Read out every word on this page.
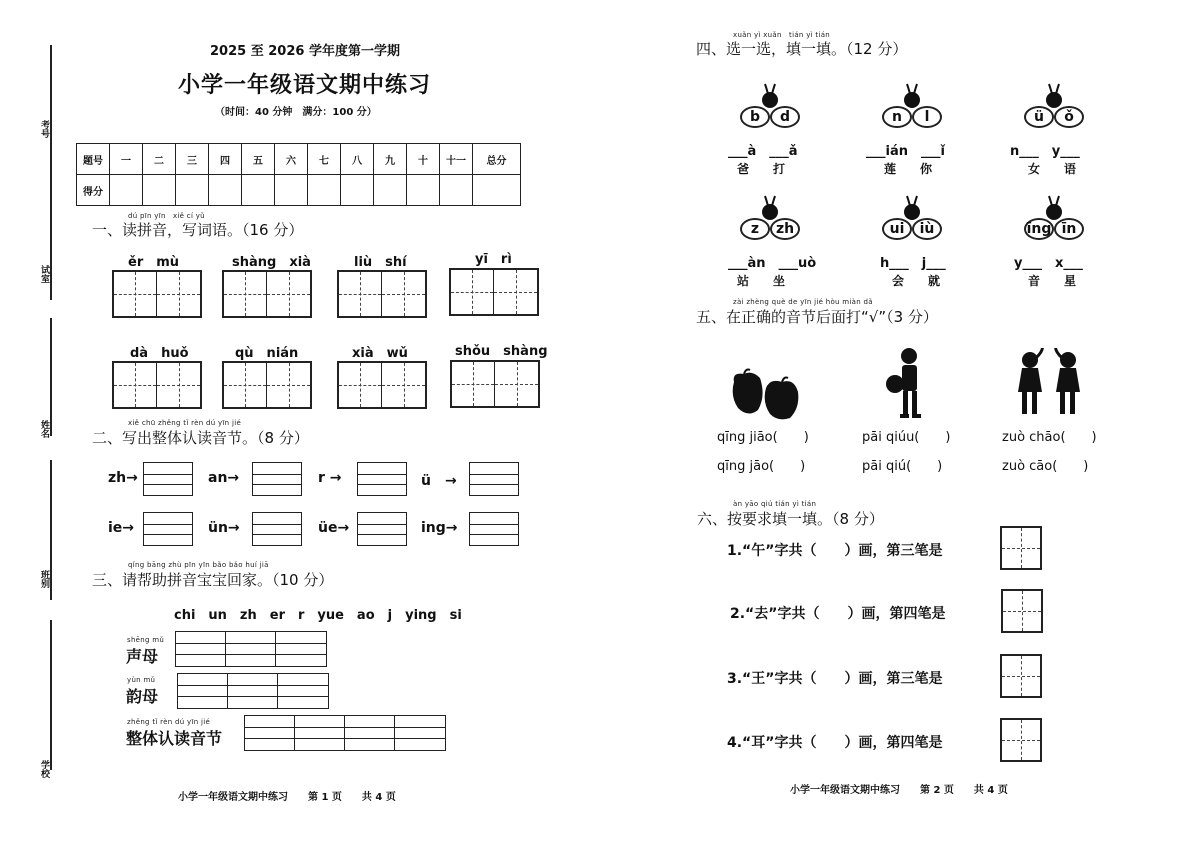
考号
试室
姓名
班别
学校
2025 至 2026 学年度第一学期
小学一年级语文期中练习
（时间：40 分钟　满分：100 分）
题号	一	二	三	四	五	六	七	八	九	十	十一	总分
得分												
dú pīn yīn　xiě cí yǔ
一、读拼音，写词语。（16 分）
ěr　mù	shàng　xià	liù　shí	yī　rì
dà　huǒ	qù　nián	xià　wǔ	shǒu　shàng
xiě chū zhěng tǐ rèn dú yīn jié
二、写出整体认读音节。（8 分）
zh→	an→	r →	ü　→
ie→	ün→	üe→	ing→
qǐng bāng zhù pīn yīn bǎo bǎo huí jiā
三、请帮助拼音宝宝回家。（10 分）
chi　un　zh　er　r　yue　ao　j　ying　si
shēng mǔ
声母
yùn mǔ
韵母
zhěng tǐ rèn dú yīn jié
整体认读音节
小学一年级语文期中练习　　第 1 页　　共 4 页
xuǎn yì xuǎn　tián yì tián
四、选一选，填一填。（12 分）
b	d
___à　___ǎ
爸　　打
n	l
___ián　___ǐ
莲　　你
ü	ǒ
n___　y___
女　　语
z	zh
___àn　___uò
站　　坐
ui	iù
h___　j___
会　　就
īng īn
y___　x___
音　　星
zài zhèng què de yīn jié hòu miàn dǎ
五、在正确的音节后面打“√”（3 分）
qīng jiāo(　　)
qīng jāo(　　)
pāi qiúu(　　)
pāi qiú(　　)
zuò chāo(　　)
zuò cāo(　　)
àn yāo qiú tián yì tián
六、按要求填一填。（8 分）
1.“午”字共（　　）画，第三笔是
2.“去”字共（　　）画，第四笔是
3.“王”字共（　　）画，第三笔是
4.“耳”字共（　　）画，第四笔是
小学一年级语文期中练习　　第 2 页　　共 4 页
